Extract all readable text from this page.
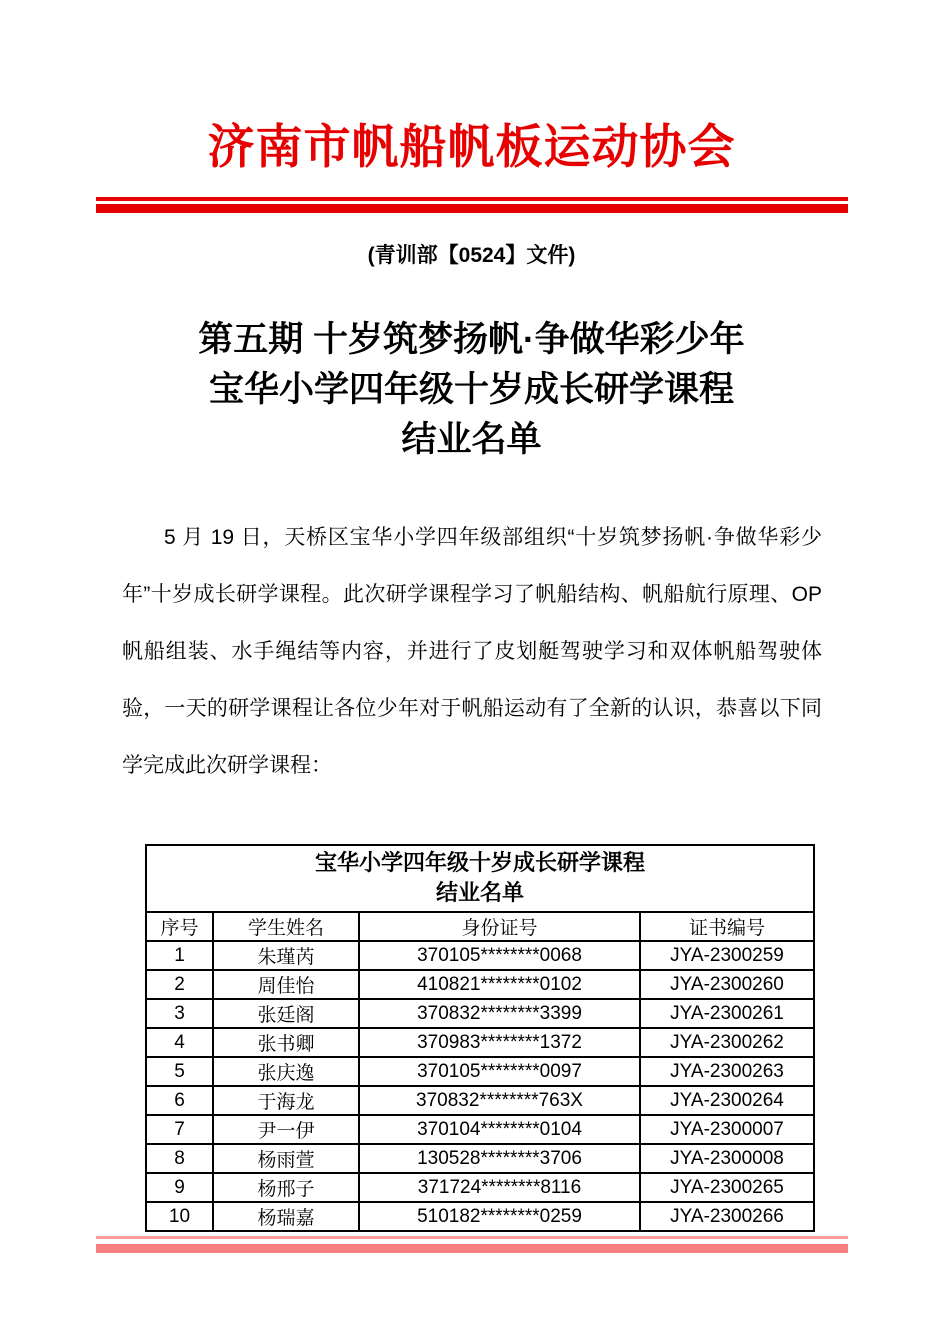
济南市帆船帆板运动协会
(青训部【0524】文件)
第五期 十岁筑梦扬帆·争做华彩少年
宝华小学四年级十岁成长研学课程
结业名单
5 月 19 日，天桥区宝华小学四年级部组织“十岁筑梦扬帆·争做华彩少年”十岁成长研学课程。此次研学课程学习了帆船结构、帆船航行原理、OP 帆船组装、水手绳结等内容，并进行了皮划艇驾驶学习和双体帆船驾驶体验，一天的研学课程让各位少年对于帆船运动有了全新的认识，恭喜以下同学完成此次研学课程：
宝华小学四年级十岁成长研学课程
结业名单			

序号	学生姓名	身份证号	证书编号
1	朱瑾芮	370105********0068	JYA-2300259
2	周佳怡	410821********0102	JYA-2300260
3	张廷阁	370832********3399	JYA-2300261
4	张书卿	370983********1372	JYA-2300262
5	张庆逸	370105********0097	JYA-2300263
6	于海龙	370832********763X	JYA-2300264
7	尹一伊	370104********0104	JYA-2300007
8	杨雨萱	130528********3706	JYA-2300008
9	杨邢子	371724********8116	JYA-2300265
10	杨瑞嘉	510182********0259	JYA-2300266
